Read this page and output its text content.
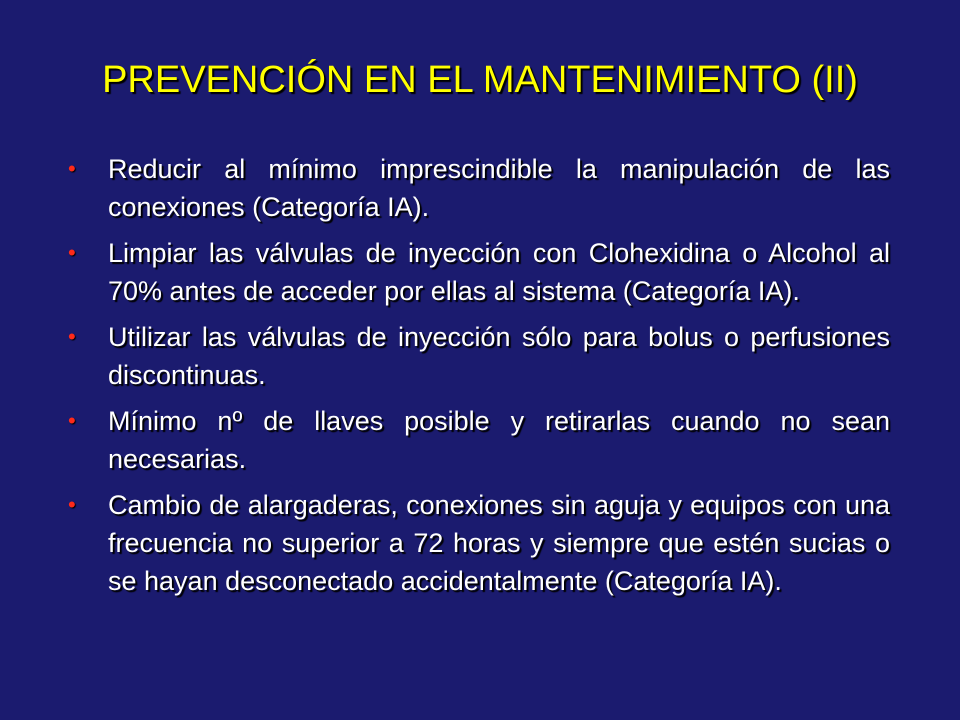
PREVENCIÓN EN EL MANTENIMIENTO (II)
• Reducir al mínimo imprescindible la manipulación de las conexiones (Categoría IA).
• Limpiar las válvulas de inyección con Clohexidina o Alcohol al 70% antes de acceder por ellas al sistema (Categoría IA).
• Utilizar las válvulas de inyección sólo para bolus o perfusiones discontinuas.
• Mínimo nº de llaves posible y retirarlas cuando no sean necesarias.
• Cambio de alargaderas, conexiones sin aguja y equipos con una frecuencia no superior a 72 horas y siempre que estén sucias o se hayan desconectado accidentalmente (Categoría IA).
